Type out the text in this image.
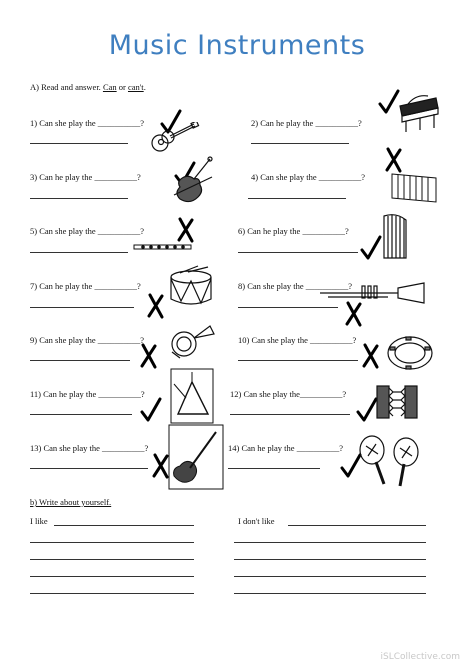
Music Instruments
A) Read and answer. Can or can't.
1) Can she play the __________?	2) Can he play the __________?
3) Can he play the __________?	4) Can she play the __________?
5) Can she play the __________?	6) Can he play the __________?
7) Can he play the __________?	8) Can she play the __________?
9) Can she play the __________?	10) Can she play the __________?
11) Can he play the __________?	12) Can she play the__________?
13) Can she play the __________?	14) Can he play the __________?
b) Write about yourself.
I like	I don't like
iSLCollective.com
